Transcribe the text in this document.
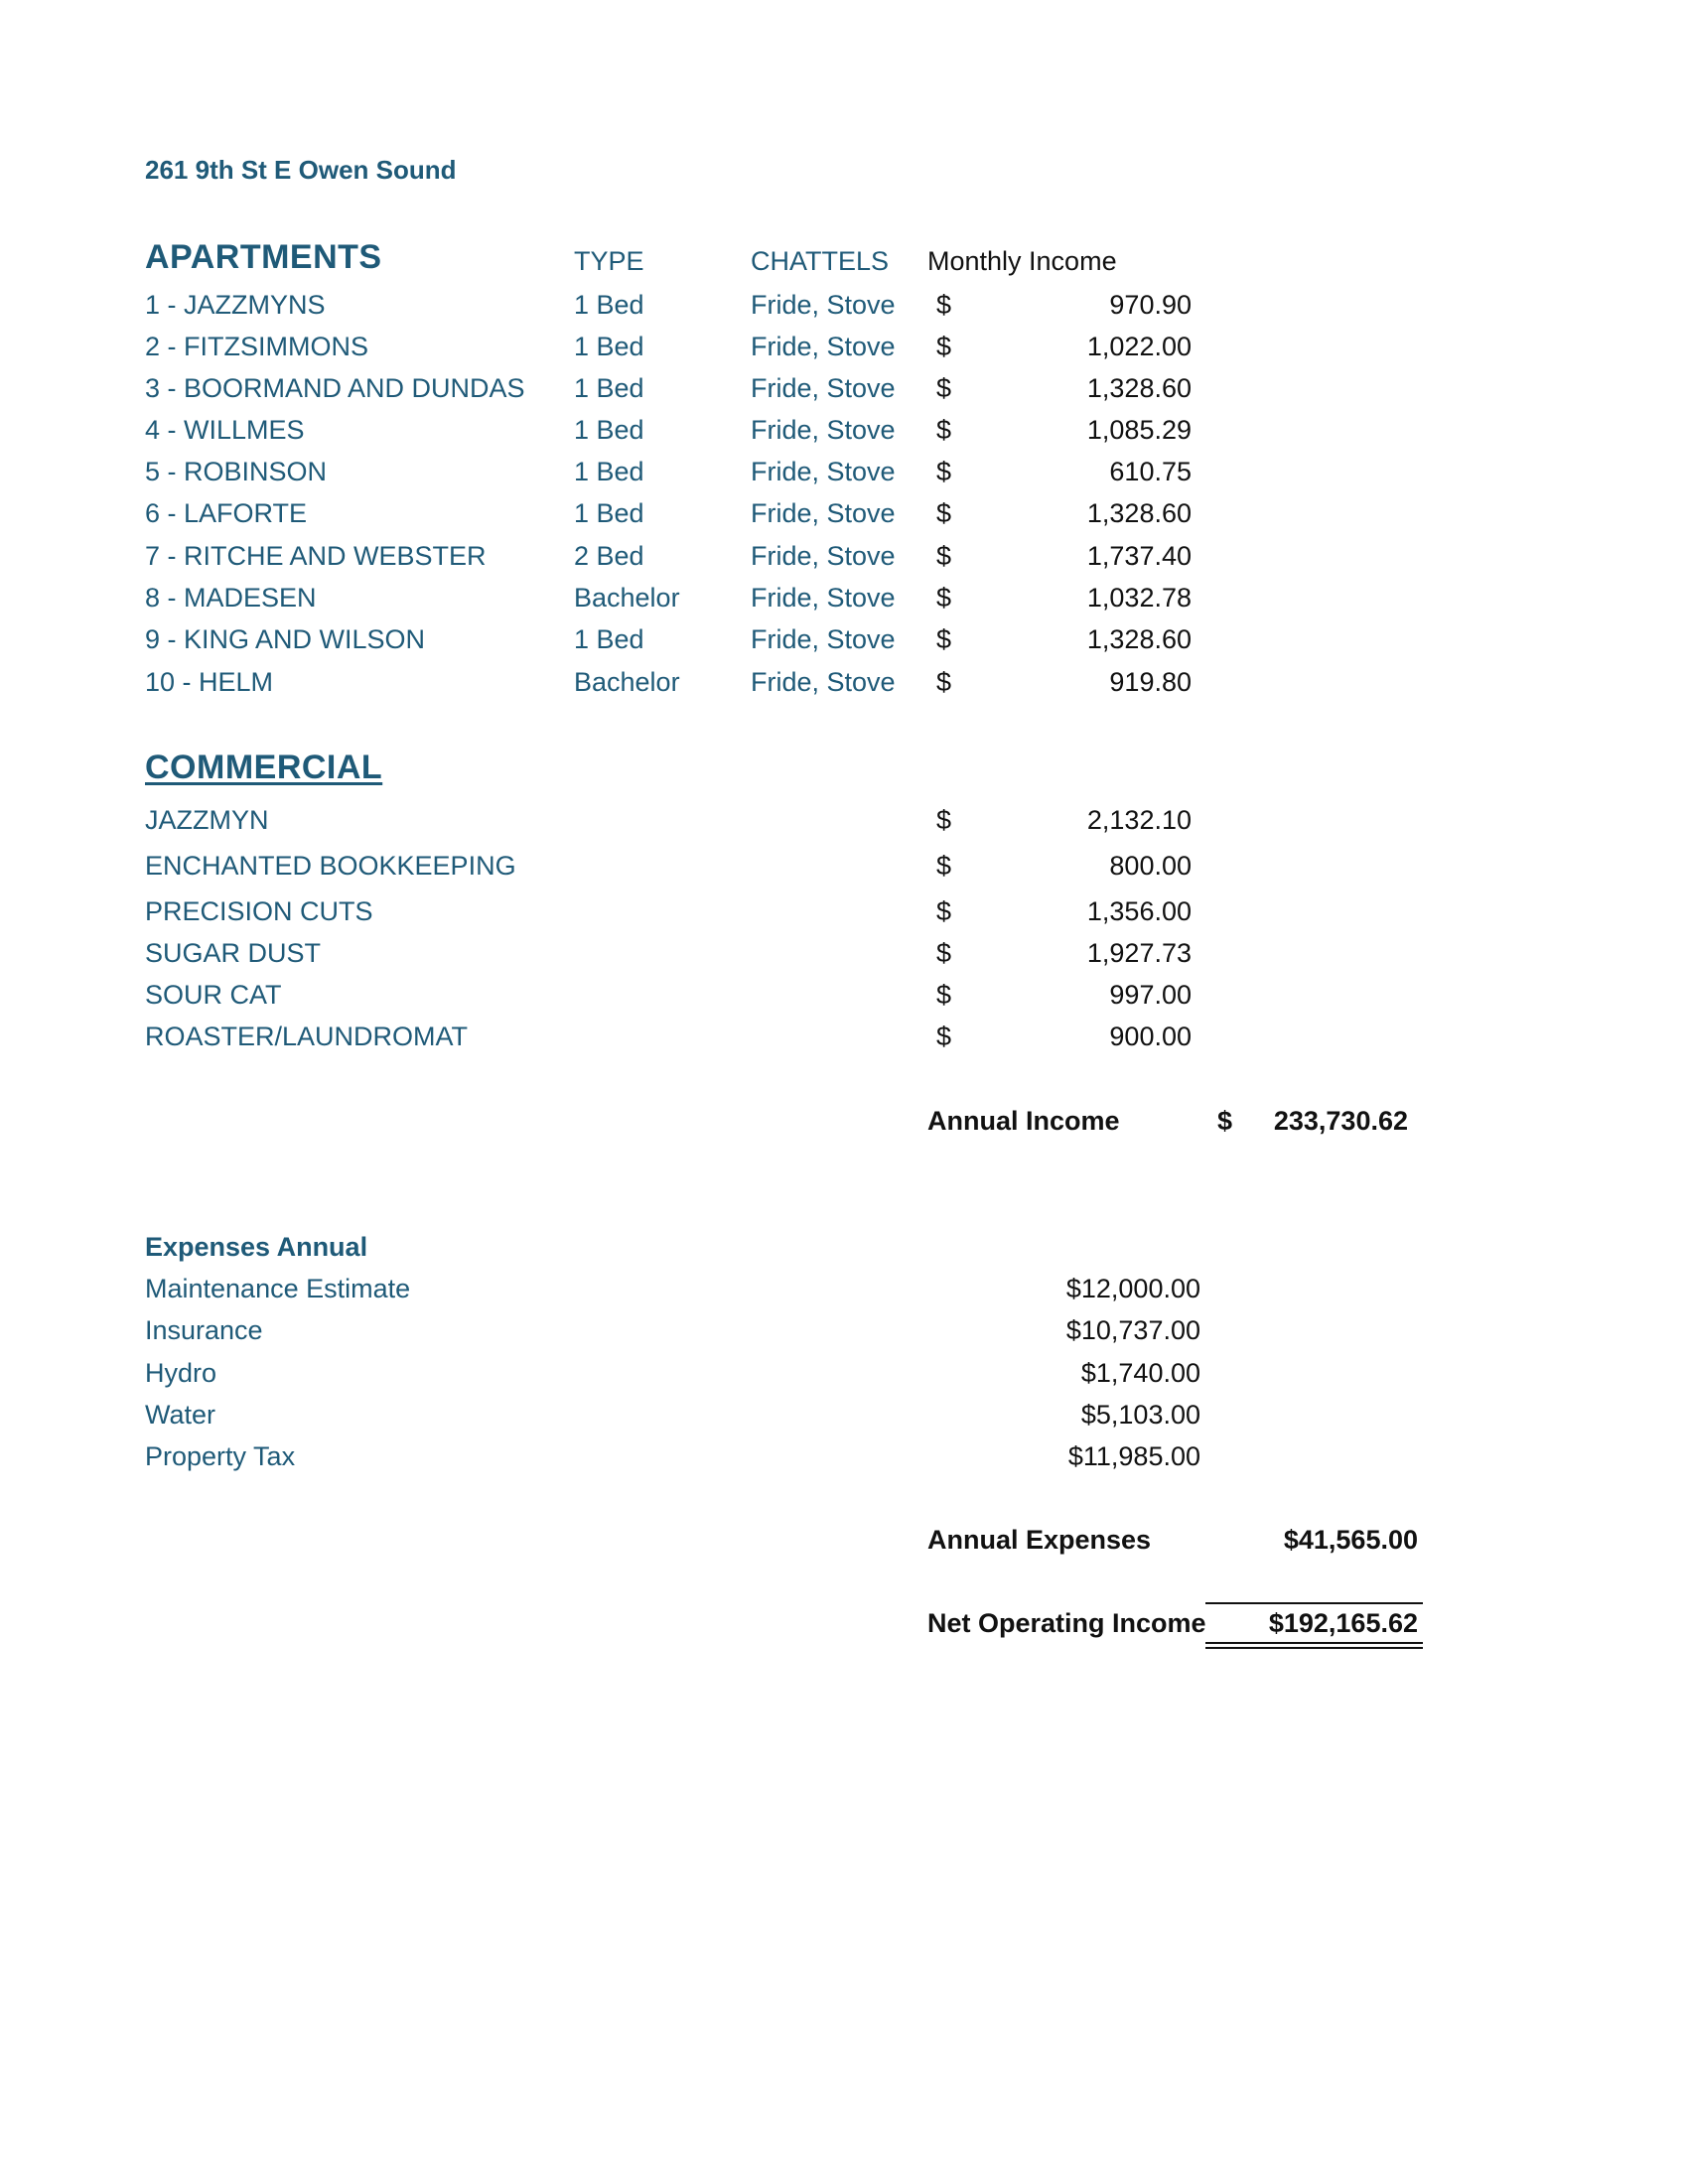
261 9th St E Owen Sound
APARTMENTS	TYPE	CHATTELS Monthly Income
1 - JAZZMYNS	1 Bed	Fride, Stove $	970.90
2 - FITZSIMMONS	1 Bed	Fride, Stove $	1,022.00
3 - BOORMAND AND DUNDAS 1 Bed	Fride, Stove $	1,328.60
4 - WILLMES	1 Bed	Fride, Stove $	1,085.29
5 - ROBINSON	1 Bed	Fride, Stove $	610.75
6 - LAFORTE	1 Bed	Fride, Stove $	1,328.60
7 - RITCHE AND WEBSTER	2 Bed	Fride, Stove $	1,737.40
8 - MADESEN	Bachelor	Fride, Stove $	1,032.78
9 - KING AND WILSON	1 Bed	Fride, Stove $	1,328.60
10 - HELM	Bachelor	Fride, Stove $	919.80
COMMERCIAL
JAZZMYN	$	2,132.10
ENCHANTED BOOKKEEPING	$	800.00
PRECISION CUTS	$	1,356.00
SUGAR DUST	$	1,927.73
SOUR CAT	$	997.00
ROASTER/LAUNDROMAT	$	900.00
Annual Income	$ 233,730.62
Expenses Annual
Maintenance Estimate	$12,000.00
Insurance	$10,737.00
Hydro	$1,740.00
Water	$5,103.00
Property Tax	$11,985.00
Annual Expenses	$41,565.00
Net Operating Income $192,165.62
Sotheby's International Realty Canada, Brokerage
